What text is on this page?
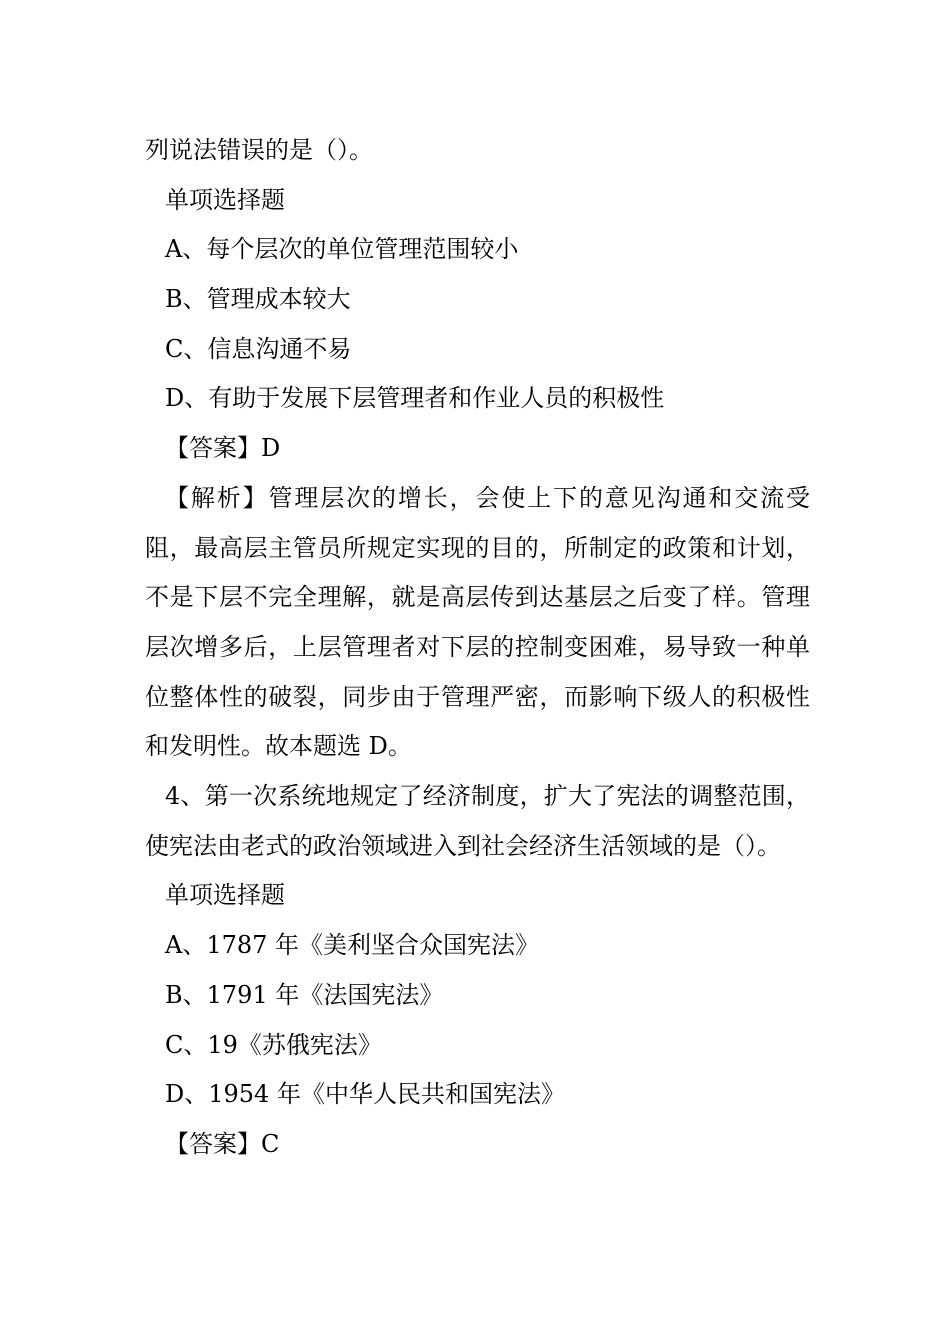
列说法错误的是（）。
单项选择题
A、每个层次的单位管理范围较小
B、管理成本较大
C、信息沟通不易
D、有助于发展下层管理者和作业人员的积极性
【答案】D
【解析】管理层次的增长，会使上下的意见沟通和交流受阻，最高层主管员所规定实现的目的，所制定的政策和计划，不是下层不完全理解，就是高层传到达基层之后变了样。管理层次增多后，上层管理者对下层的控制变困难，易导致一种单位整体性的破裂，同步由于管理严密，而影响下级人的积极性和发明性。故本题选 D。
4、第一次系统地规定了经济制度，扩大了宪法的调整范围，使宪法由老式的政治领域进入到社会经济生活领域的是（）。
单项选择题
A、1787 年《美利坚合众国宪法》
B、1791 年《法国宪法》
C、19《苏俄宪法》
D、1954 年《中华人民共和国宪法》
【答案】C
